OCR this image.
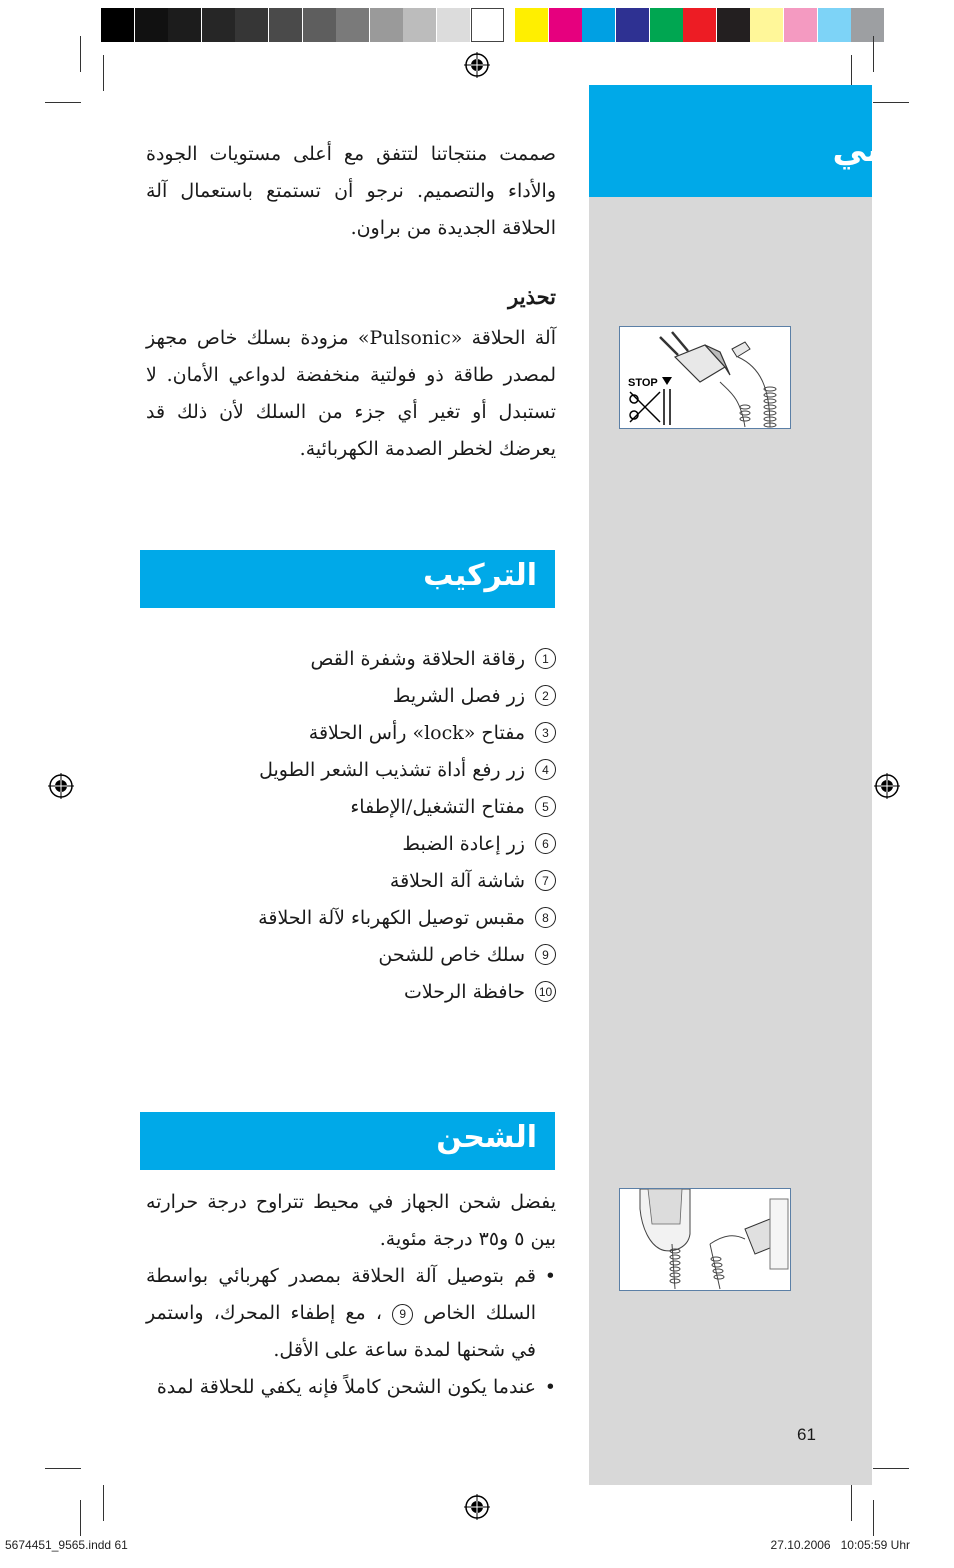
عربي
STOP
صممت منتجاتنا لتتفق مع أعلى مستويات الجودة والأداء والتصميم. نرجو أن تستمتع باستعمال آلة الحلاقة الجديدة من براون.
تحذير
آلة الحلاقة «Pulsonic» مزودة بسلك خاص مجهز لمصدر طاقة ذو فولتية منخفضة لدواعي الأمان. لا تستبدل أو تغير أي جزء من السلك لأن ذلك قد يعرضك لخطر الصدمة الكهربائية.
التركيب
1
رقاقة الحلاقة وشفرة القص
2
زر فصل الشريط
3
مفتاح «lock» رأس الحلاقة
4
زر رفع أداة تشذيب الشعر الطويل
5
مفتاح التشغيل/الإطفاء
6
زر إعادة الضبط
7
شاشة آلة الحلاقة
8
مقبس توصيل الكهرباء لآلة الحلاقة
9
سلك خاص للشحن
10
حافظة الرحلات
الشحن
يفضل شحن الجهاز في محيط تتراوح درجة حرارته بين ٥ و٣٥ درجة مئوية.
•
قم بتوصيل آلة الحلاقة بمصدر كهربائي بواسطة السلك الخاص 9 ، مع إطفاء المحرك، واستمر في شحنها لمدة ساعة على الأقل.
•
عندما يكون الشحن كاملاً فإنه يكفي للحلاقة لمدة
61
5674451_9565.indd 61	27.10.2006   10:05:59 Uhr
